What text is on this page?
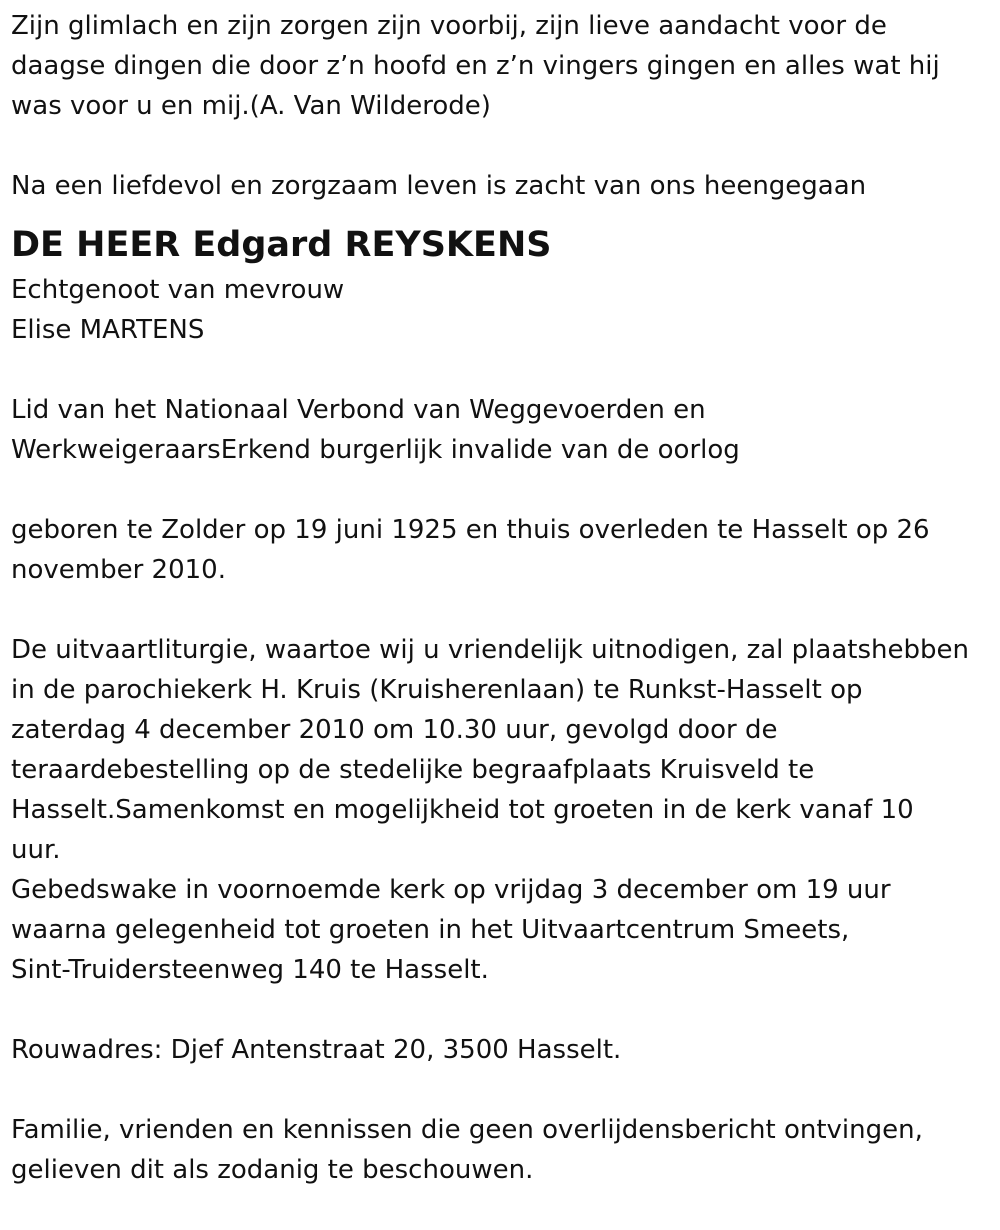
Zijn glimlach en zijn zorgen zijn voorbij, zijn lieve aandacht voor de
daagse dingen die door z’n hoofd en z’n vingers gingen en alles wat hij
was voor u en mij.(A. Van Wilderode)
Na een liefdevol en zorgzaam leven is zacht van ons heengegaan
DE HEER Edgard REYSKENS
Echtgenoot van mevrouw
Elise MARTENS
Lid van het Nationaal Verbond van Weggevoerden en
WerkweigeraarsErkend burgerlijk invalide van de oorlog
geboren te Zolder op 19 juni 1925 en thuis overleden te Hasselt op 26
november 2010.
De uitvaartliturgie, waartoe wij u vriendelijk uitnodigen, zal plaatshebben
in de parochiekerk H. Kruis (Kruisherenlaan) te Runkst-Hasselt op
zaterdag 4 december 2010 om 10.30 uur, gevolgd door de
teraardebestelling op de stedelijke begraafplaats Kruisveld te
Hasselt.Samenkomst en mogelijkheid tot groeten in de kerk vanaf 10
uur.
Gebedswake in voornoemde kerk op vrijdag 3 december om 19 uur
waarna gelegenheid tot groeten in het Uitvaartcentrum Smeets,
Sint-Truidersteenweg 140 te Hasselt.
Rouwadres: Djef Antenstraat 20, 3500 Hasselt.
Familie, vrienden en kennissen die geen overlijdensbericht ontvingen,
gelieven dit als zodanig te beschouwen.
